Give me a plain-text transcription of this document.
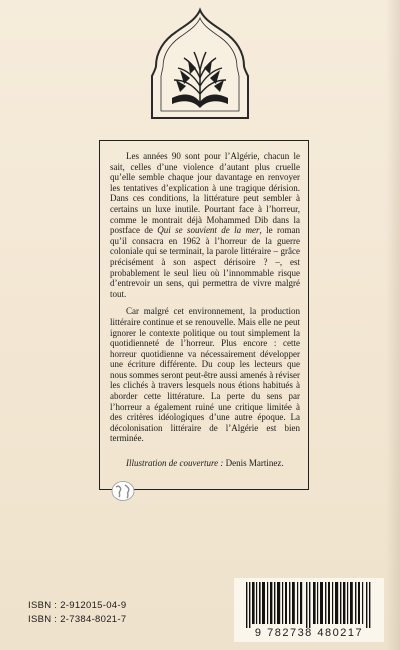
Les années 90 sont pour l’Algérie, chacun le sait, celles d’une violence d’autant plus cruelle qu’elle semble chaque jour davantage en renvoyer les tentatives d’explication à une tragique dérision. Dans ces conditions, la littérature peut sembler à certains un luxe inutile. Pourtant face à l’horreur, comme le montrait déjà Mohammed Dib dans la postface de Qui se souvient de la mer, le roman qu’il consacra en 1962 à l’horreur de la guerre coloniale qui se terminait, la parole littéraire – grâce précisément à son aspect dérisoire ? –, est probablement le seul lieu où l’innommable risque d’entrevoir un sens, qui permettra de vivre malgré tout.

Car malgré cet environnement, la production littéraire continue et se renouvelle. Mais elle ne peut ignorer le contexte politique ou tout simplement la quotidienneté de l’horreur. Plus encore : cette horreur quotidienne va nécessairement développer une écriture différente. Du coup les lecteurs que nous sommes seront peut-être aussi amenés à réviser les clichés à travers lesquels nous étions habitués à aborder cette littérature. La perte du sens par l’horreur a également ruiné une critique limitée à des critères idéologiques d’une autre époque. La décolonisation littéraire de l’Algérie est bien terminée.

Illustration de couverture : Denis Martinez.

ISBN : 2-912015-04-9
ISBN : 2-7384-8021-7
9 782738 480217
